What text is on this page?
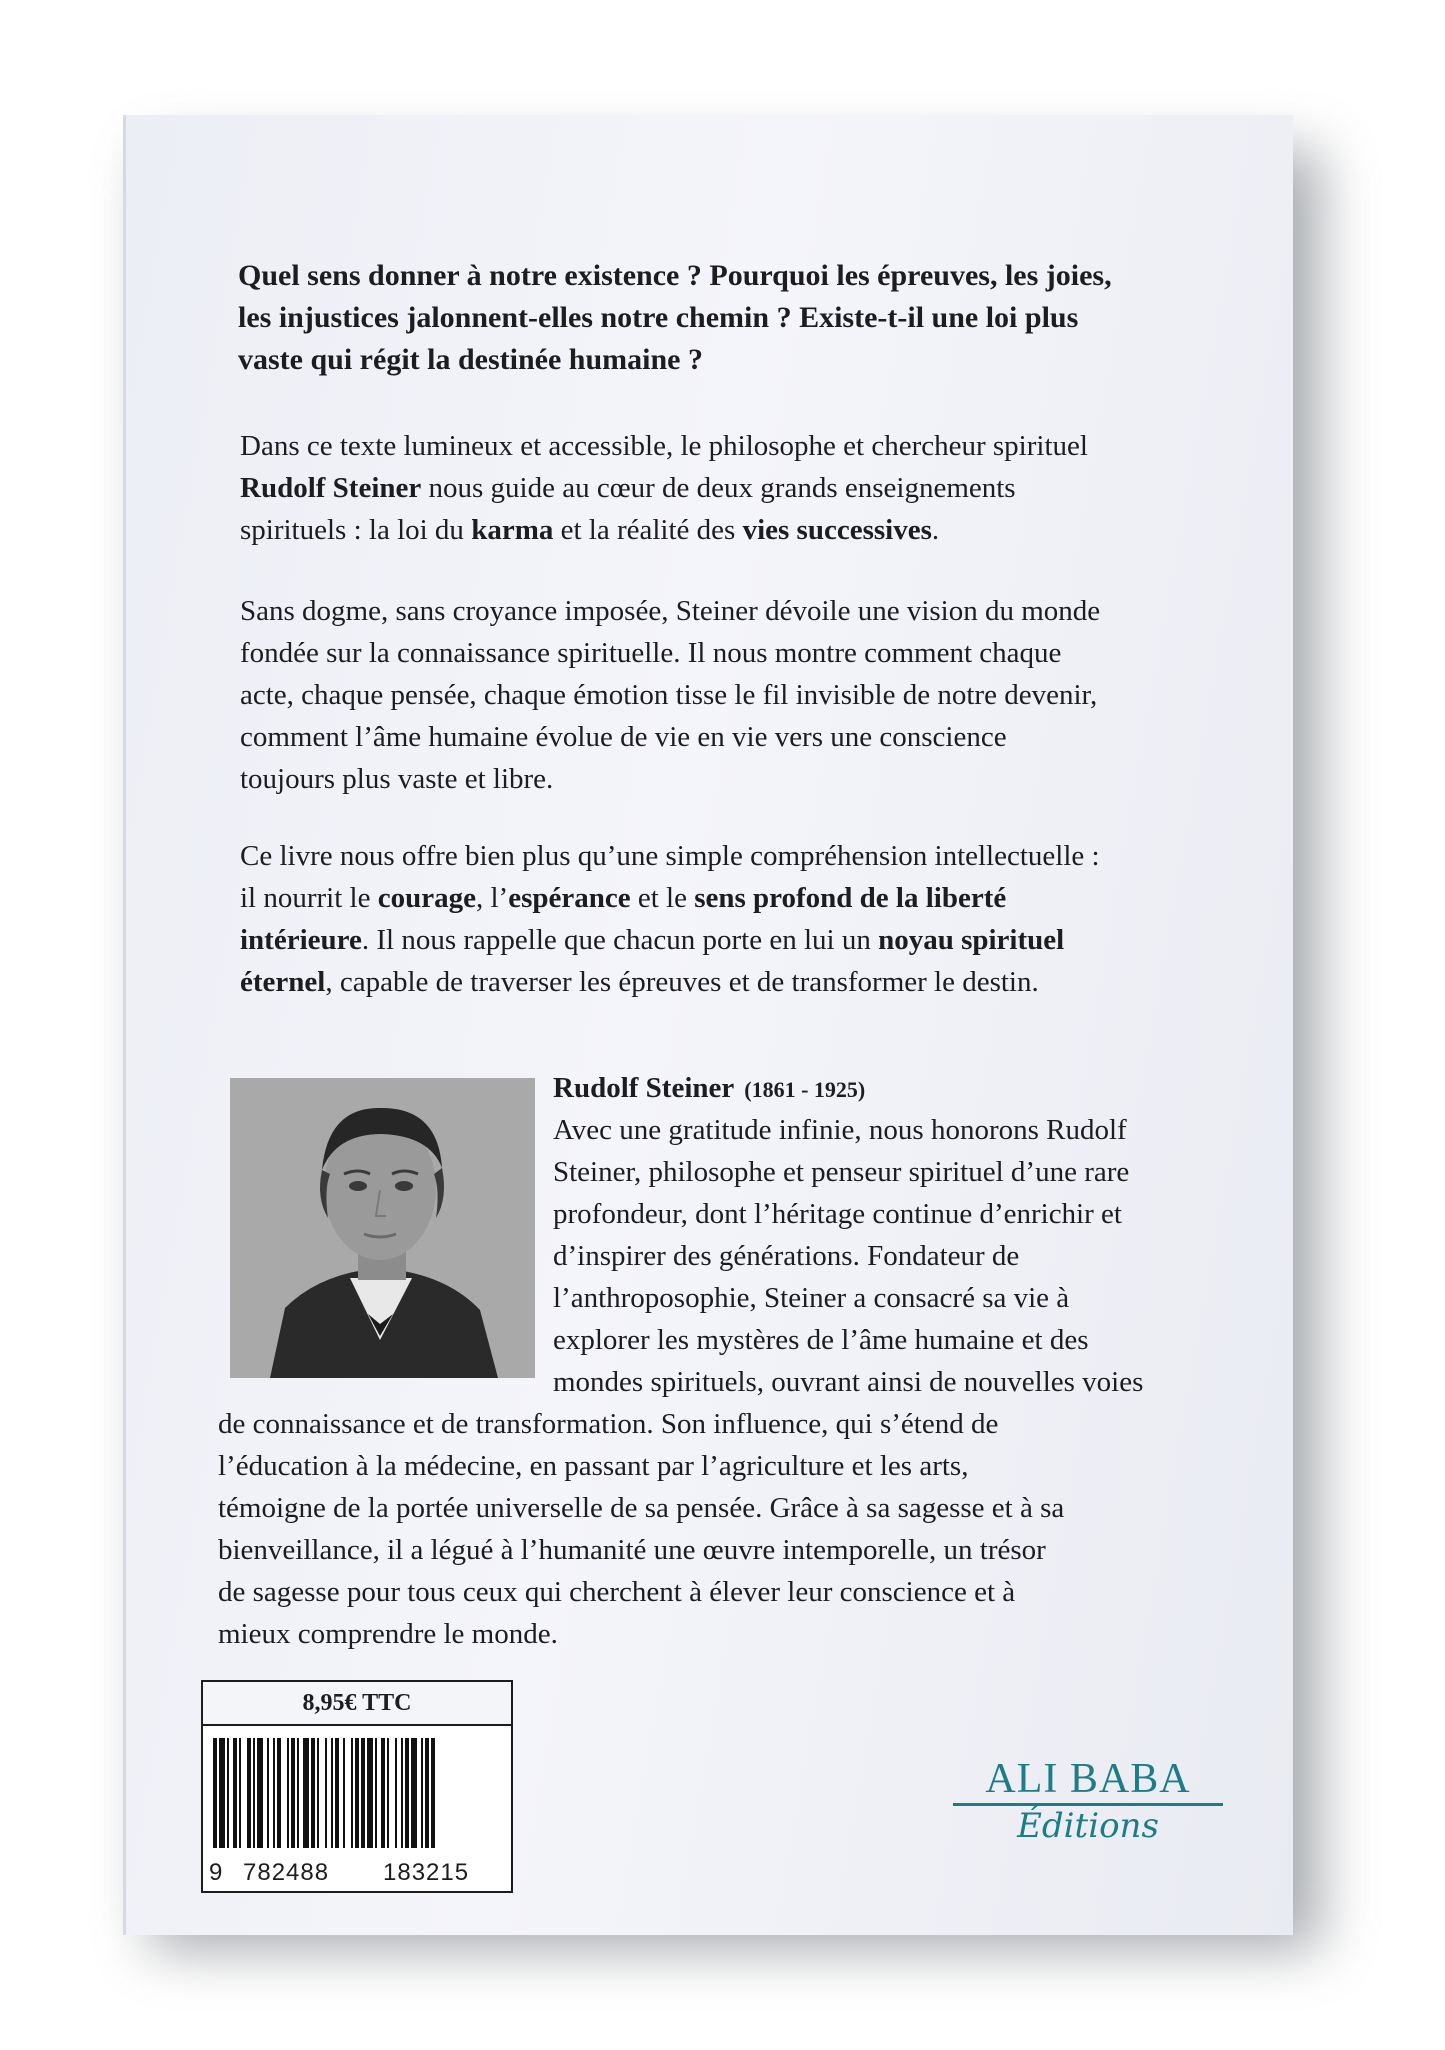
Quel sens donner à notre existence ? Pourquoi les épreuves, les joies,
les injustices jalonnent-elles notre chemin ? Existe-t-il une loi plus
vaste qui régit la destinée humaine ?

Dans ce texte lumineux et accessible, le philosophe et chercheur spirituel
Rudolf Steiner nous guide au cœur de deux grands enseignements
spirituels : la loi du karma et la réalité des vies successives.

Sans dogme, sans croyance imposée, Steiner dévoile une vision du monde
fondée sur la connaissance spirituelle. Il nous montre comment chaque
acte, chaque pensée, chaque émotion tisse le fil invisible de notre devenir,
comment l’âme humaine évolue de vie en vie vers une conscience
toujours plus vaste et libre.

Ce livre nous offre bien plus qu’une simple compréhension intellectuelle :
il nourrit le courage, l’espérance et le sens profond de la liberté
intérieure. Il nous rappelle que chacun porte en lui un noyau spirituel
éternel, capable de traverser les épreuves et de transformer le destin.

Rudolf Steiner (1861 - 1925)

Avec une gratitude infinie, nous honorons Rudolf
Steiner, philosophe et penseur spirituel d’une rare
profondeur, dont l’héritage continue d’enrichir et
d’inspirer des générations. Fondateur de
l’anthroposophie, Steiner a consacré sa vie à
explorer les mystères de l’âme humaine et des
mondes spirituels, ouvrant ainsi de nouvelles voies

de connaissance et de transformation. Son influence, qui s’étend de
l’éducation à la médecine, en passant par l’agriculture et les arts,
témoigne de la portée universelle de sa pensée. Grâce à sa sagesse et à sa
bienveillance, il a légué à l’humanité une œuvre intemporelle, un trésor
de sagesse pour tous ceux qui cherchent à élever leur conscience et à
mieux comprendre le monde.

8,95€ TTC
9 782488 183215
ALI BABA
Éditions
